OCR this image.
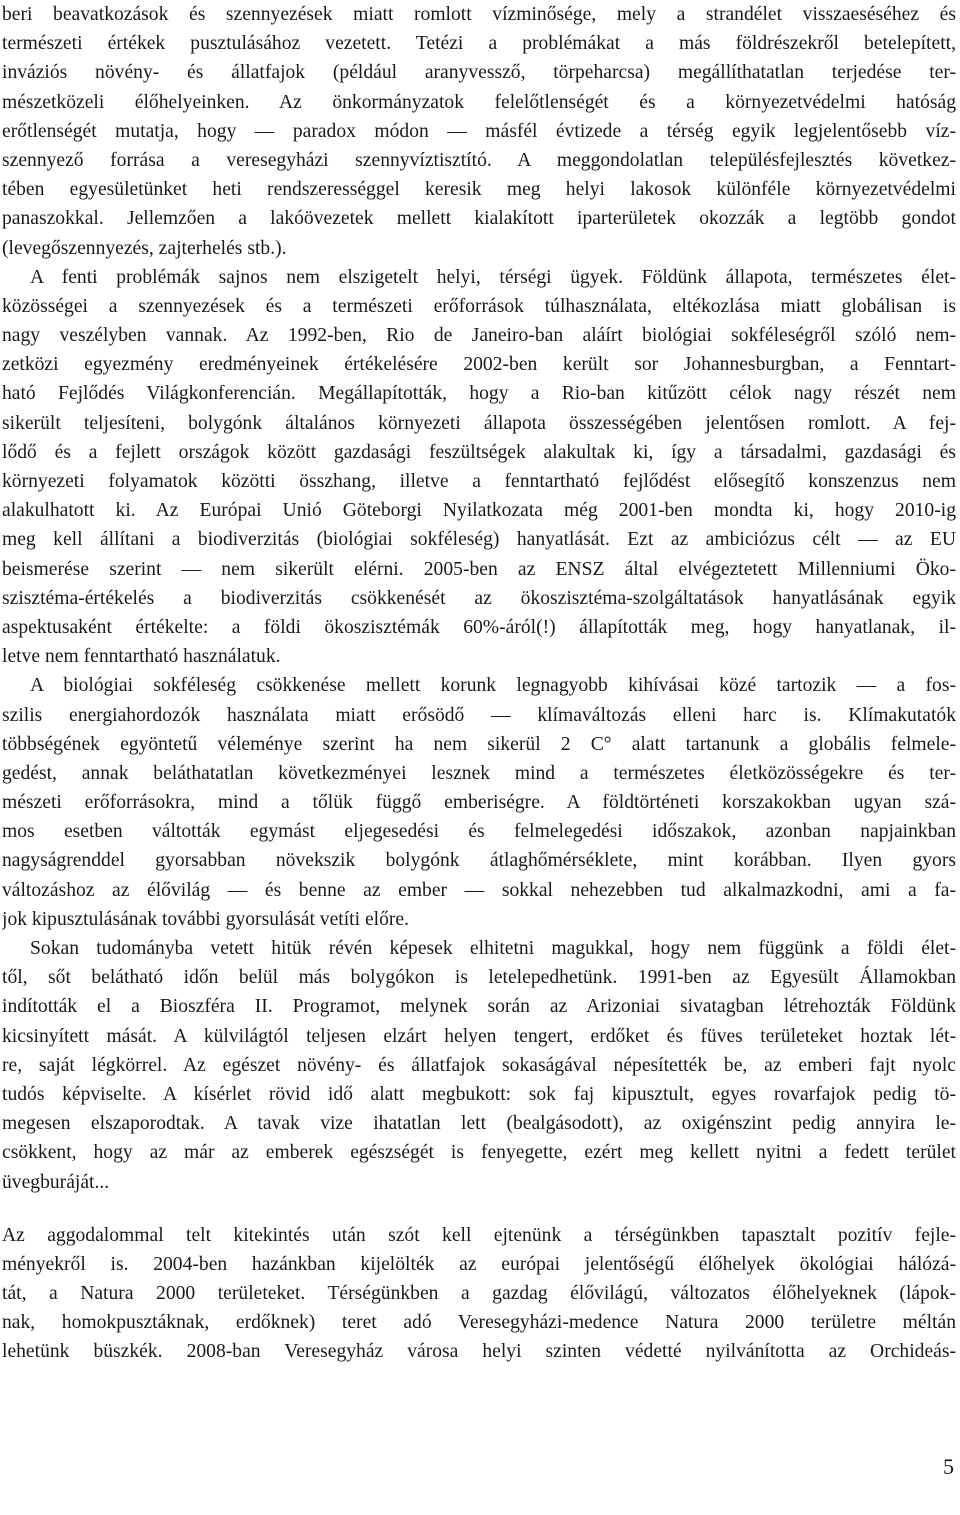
beri beavatkozások és szennyezések miatt romlott vízminősége, mely a strandélet visszaeséséhez és
természeti értékek pusztulásához vezetett. Tetézi a problémákat a más földrészekről betelepített,
inváziós növény- és állatfajok (például aranyvessző, törpeharcsa) megállíthatatlan terjedése ter-
mészetközeli élőhelyeinken. Az önkormányzatok felelőtlenségét és a környezetvédelmi hatóság
erőtlenségét mutatja, hogy — paradox módon — másfél évtizede a térség egyik legjelentősebb víz-
szennyező forrása a veresegyházi szennyvíztisztító. A meggondolatlan településfejlesztés következ-
tében egyesületünket heti rendszerességgel keresik meg helyi lakosok különféle környezetvédelmi
panaszokkal. Jellemzően a lakóövezetek mellett kialakított iparterületek okozzák a legtöbb gondot
(levegőszennyezés, zajterhelés stb.).
A fenti problémák sajnos nem elszigetelt helyi, térségi ügyek. Földünk állapota, természetes élet-
közösségei a szennyezések és a természeti erőforrások túlhasználata, eltékozlása miatt globálisan is
nagy veszélyben vannak. Az 1992-ben, Rio de Janeiro-ban aláírt biológiai sokféleségről szóló nem-
zetközi egyezmény eredményeinek értékelésére 2002-ben került sor Johannesburgban, a Fenntart-
ható Fejlődés Világkonferencián. Megállapították, hogy a Rio-ban kitűzött célok nagy részét nem
sikerült teljesíteni, bolygónk általános környezeti állapota összességében jelentősen romlott. A fej-
lődő és a fejlett országok között gazdasági feszültségek alakultak ki, így a társadalmi, gazdasági és
környezeti folyamatok közötti összhang, illetve a fenntartható fejlődést elősegítő konszenzus nem
alakulhatott ki. Az Európai Unió Göteborgi Nyilatkozata még 2001-ben mondta ki, hogy 2010-ig
meg kell állítani a biodiverzitás (biológiai sokféleség) hanyatlását. Ezt az ambiciózus célt — az EU
beismerése szerint — nem sikerült elérni. 2005-ben az ENSZ által elvégeztetett Millenniumi Öko-
szisztéma-értékelés a biodiverzitás csökkenését az ökoszisztéma-szolgáltatások hanyatlásának egyik
aspektusaként értékelte: a földi ökoszisztémák 60%-áról(!) állapították meg, hogy hanyatlanak, il-
letve nem fenntartható használatuk.
A biológiai sokféleség csökkenése mellett korunk legnagyobb kihívásai közé tartozik — a fos-
szilis energiahordozók használata miatt erősödő — klímaváltozás elleni harc is. Klímakutatók
többségének egyöntetű véleménye szerint ha nem sikerül 2 C° alatt tartanunk a globális felmele-
gedést, annak beláthatatlan következményei lesznek mind a természetes életközösségekre és ter-
mészeti erőforrásokra, mind a tőlük függő emberiségre. A földtörténeti korszakokban ugyan szá-
mos esetben váltották egymást eljegesedési és felmelegedési időszakok, azonban napjainkban
nagyságrenddel gyorsabban növekszik bolygónk átlaghőmérséklete, mint korábban. Ilyen gyors
változáshoz az élővilág — és benne az ember — sokkal nehezebben tud alkalmazkodni, ami a fa-
jok kipusztulásának további gyorsulását vetíti előre.
Sokan tudományba vetett hitük révén képesek elhitetni magukkal, hogy nem függünk a földi élet-
től, sőt belátható időn belül más bolygókon is letelepedhetünk. 1991-ben az Egyesült Államokban
indították el a Bioszféra II. Programot, melynek során az Arizoniai sivatagban létrehozták Földünk
kicsinyített mását. A külvilágtól teljesen elzárt helyen tengert, erdőket és füves területeket hoztak lét-
re, saját légkörrel. Az egészet növény- és állatfajok sokaságával népesítették be, az emberi fajt nyolc
tudós képviselte. A kísérlet rövid idő alatt megbukott: sok faj kipusztult, egyes rovarfajok pedig tö-
megesen elszaporodtak. A tavak vize ihatatlan lett (bealgásodott), az oxigénszint pedig annyira le-
csökkent, hogy az már az emberek egészségét is fenyegette, ezért meg kellett nyitni a fedett terület
üvegburáját...
Az aggodalommal telt kitekintés után szót kell ejtenünk a térségünkben tapasztalt pozitív fejle-
ményekről is. 2004-ben hazánkban kijelölték az európai jelentőségű élőhelyek ökológiai hálózá-
tát, a Natura 2000 területeket. Térségünkben a gazdag élővilágú, változatos élőhelyeknek (lápok-
nak, homokpusztáknak, erdőknek) teret adó Veresegyházi-medence Natura 2000 területre méltán
lehetünk büszkék. 2008-ban Veresegyház városa helyi szinten védetté nyilvánította az Orchideás-
5
